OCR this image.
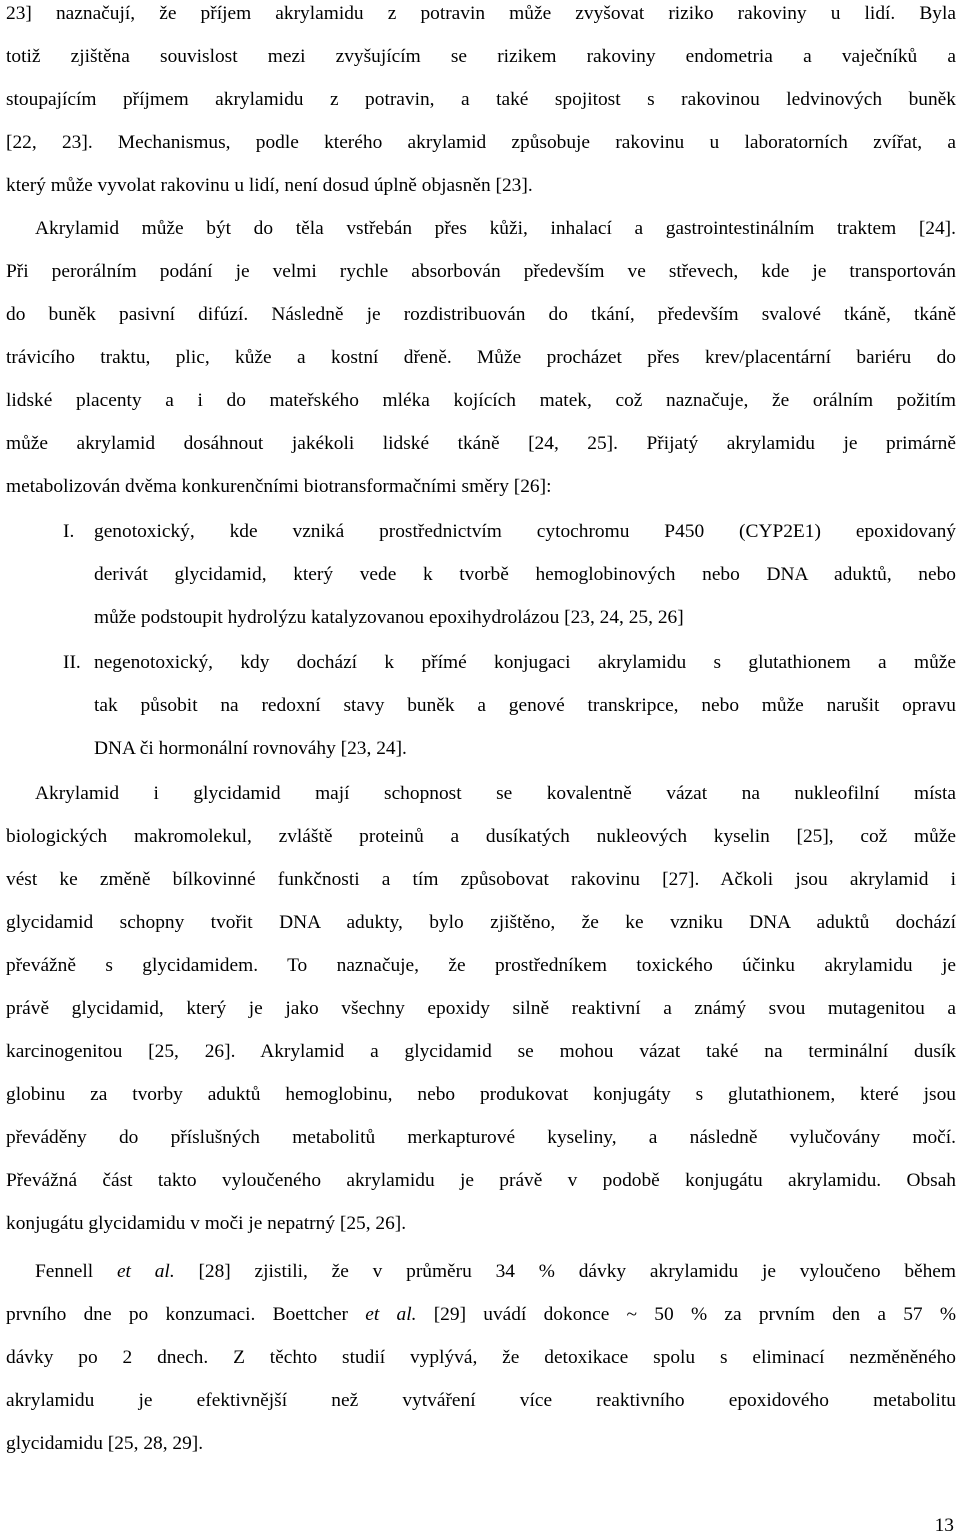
23] naznačují, že příjem akrylamidu z potravin může zvyšovat riziko rakoviny u lidí. Byla
totiž zjištěna souvislost mezi zvyšujícím se rizikem rakoviny endometria a vaječníků a
stoupajícím příjmem akrylamidu z potravin, a také spojitost s rakovinou ledvinových buněk
[22, 23]. Mechanismus, podle kterého akrylamid způsobuje rakovinu u laboratorních zvířat, a
který může vyvolat rakovinu u lidí, není dosud úplně objasněn [23].
Akrylamid může být do těla vstřebán přes kůži, inhalací a gastrointestinálním traktem [24].
Při perorálním podání je velmi rychle absorbován především ve střevech, kde je transportován
do buněk pasivní difúzí. Následně je rozdistribuován do tkání, především svalové tkáně, tkáně
trávicího traktu, plic, kůže a kostní dřeně. Může procházet přes krev/placentární bariéru do
lidské placenty a i do mateřského mléka kojících matek, což naznačuje, že orálním požitím
může akrylamid dosáhnout jakékoli lidské tkáně [24, 25]. Přijatý akrylamidu je primárně
metabolizován dvěma konkurenčními biotransformačními směry [26]:
I. genotoxický, kde vzniká prostřednictvím cytochromu P450 (CYP2E1) epoxidovaný
derivát glycidamid, který vede k tvorbě hemoglobinových nebo DNA aduktů, nebo
může podstoupit hydrolýzu katalyzovanou epoxihydrolázou [23, 24, 25, 26]
II. negenotoxický, kdy dochází k přímé konjugaci akrylamidu s glutathionem a může
tak působit na redoxní stavy buněk a genové transkripce, nebo může narušit opravu
DNA či hormonální rovnováhy [23, 24].
Akrylamid i glycidamid mají schopnost se kovalentně vázat na nukleofilní místa
biologických makromolekul, zvláště proteinů a dusíkatých nukleových kyselin [25], což může
vést ke změně bílkovinné funkčnosti a tím způsobovat rakovinu [27]. Ačkoli jsou akrylamid i
glycidamid schopny tvořit DNA adukty, bylo zjištěno, že ke vzniku DNA aduktů dochází
převážně s glycidamidem. To naznačuje, že prostředníkem toxického účinku akrylamidu je
právě glycidamid, který je jako všechny epoxidy silně reaktivní a známý svou mutagenitou a
karcinogenitou [25, 26]. Akrylamid a glycidamid se mohou vázat také na terminální dusík
globinu za tvorby aduktů hemoglobinu, nebo produkovat konjugáty s glutathionem, které jsou
převáděny do příslušných metabolitů merkapturové kyseliny, a následně vylučovány močí.
Převážná část takto vyloučeného akrylamidu je právě v podobě konjugátu akrylamidu. Obsah
konjugátu glycidamidu v moči je nepatrný [25, 26].
Fennell et al. [28] zjistili, že v průměru 34 % dávky akrylamidu je vyloučeno během
prvního dne po konzumaci. Boettcher et al. [29] uvádí dokonce ~ 50 % za prvním den a 57 %
dávky po 2 dnech. Z těchto studií vyplývá, že detoxikace spolu s eliminací nezměněného
akrylamidu je efektivnější než vytváření více reaktivního epoxidového metabolitu
glycidamidu [25, 28, 29].
13
